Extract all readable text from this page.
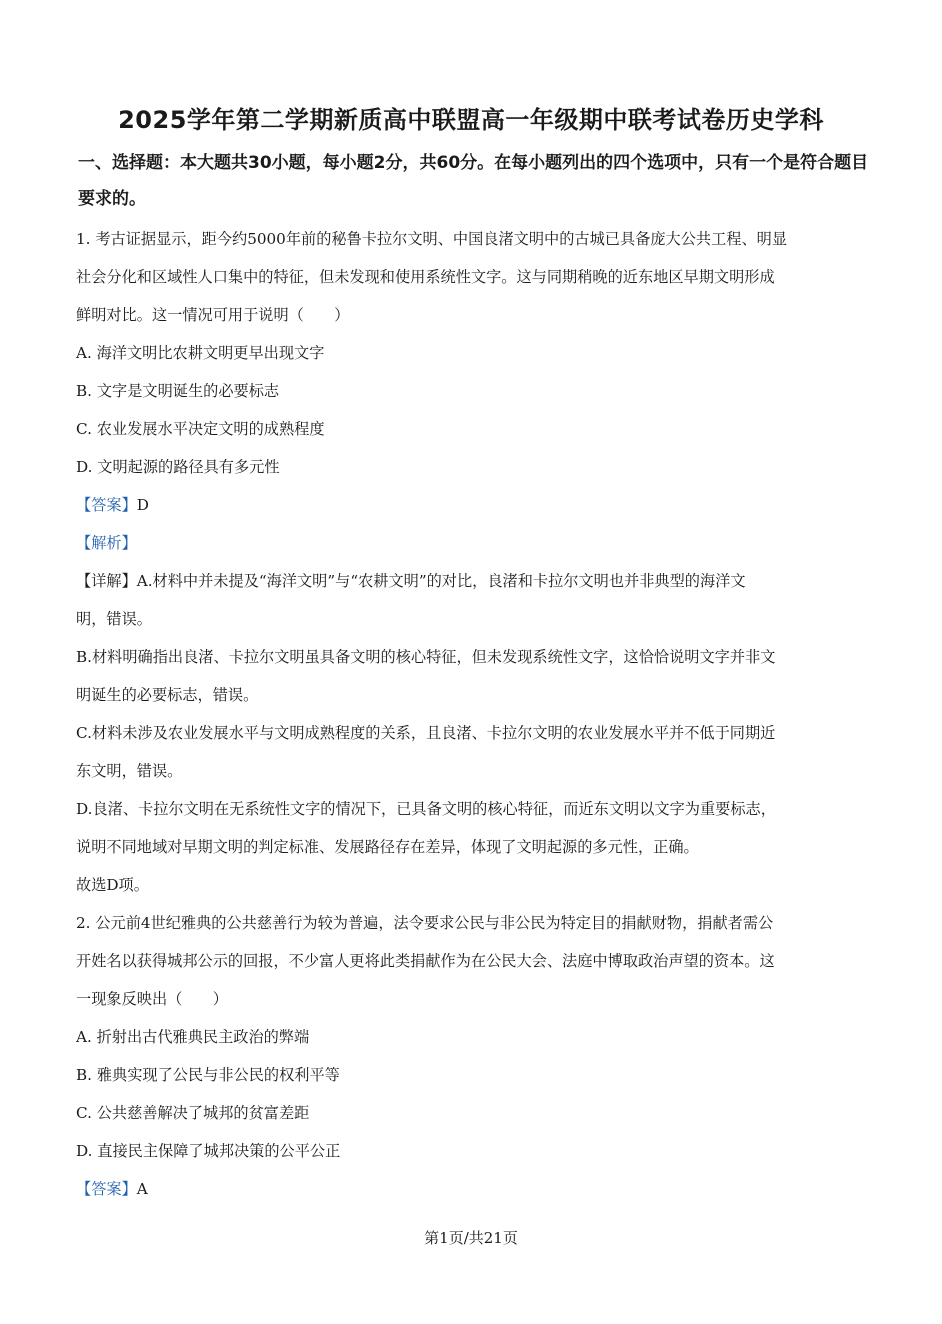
2025学年第二学期新质高中联盟高一年级期中联考试卷历史学科
一、选择题：本大题共30小题，每小题2分，共60分。在每小题列出的四个选项中，只有一个是符合题目要求的。
1. 考古证据显示，距今约5000年前的秘鲁卡拉尔文明、中国良渚文明中的古城已具备庞大公共工程、明显
社会分化和区域性人口集中的特征，但未发现和使用系统性文字。这与同期稍晚的近东地区早期文明形成
鲜明对比。这一情况可用于说明（　　）
A. 海洋文明比农耕文明更早出现文字
B. 文字是文明诞生的必要标志
C. 农业发展水平决定文明的成熟程度
D. 文明起源的路径具有多元性
【答案】D
【解析】
【详解】A.材料中并未提及“海洋文明”与“农耕文明”的对比，良渚和卡拉尔文明也并非典型的海洋文
明，错误。
B.材料明确指出良渚、卡拉尔文明虽具备文明的核心特征，但未发现系统性文字，这恰恰说明文字并非文
明诞生的必要标志，错误。
C.材料未涉及农业发展水平与文明成熟程度的关系，且良渚、卡拉尔文明的农业发展水平并不低于同期近
东文明，错误。
D.良渚、卡拉尔文明在无系统性文字的情况下，已具备文明的核心特征，而近东文明以文字为重要标志，
说明不同地域对早期文明的判定标准、发展路径存在差异，体现了文明起源的多元性，正确。
故选D项。
2. 公元前4世纪雅典的公共慈善行为较为普遍，法令要求公民与非公民为特定目的捐献财物，捐献者需公
开姓名以获得城邦公示的回报，不少富人更将此类捐献作为在公民大会、法庭中博取政治声望的资本。这
一现象反映出（　　）
A. 折射出古代雅典民主政治的弊端
B. 雅典实现了公民与非公民的权利平等
C. 公共慈善解决了城邦的贫富差距
D. 直接民主保障了城邦决策的公平公正
【答案】A
第1页/共21页
